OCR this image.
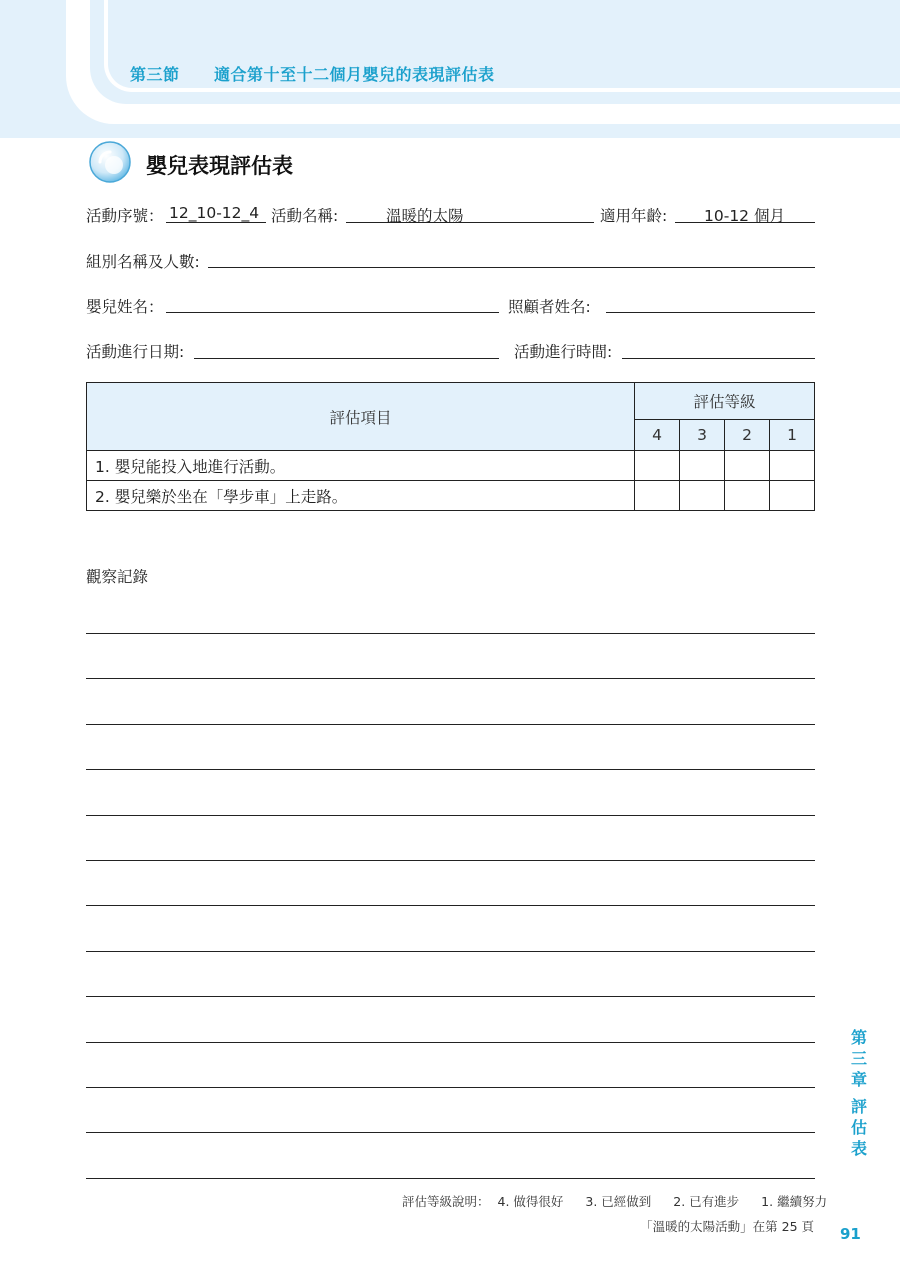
第三節 適合第十至十二個月嬰兒的表現評估表
嬰兒表現評估表
活動序號： 12_10-12_4 活動名稱:	溫暖的太陽	適用年齡: 10-12 個月
組別名稱及人數:
嬰兒姓名：	照顧者姓名:
活動進行日期:	活動進行時間:
評估項目	評估等級			
	4	3	2	1
1. 嬰兒能投入地進行活動。				
2. 嬰兒樂於坐在「學步車」上走路。				
觀察記錄
第
三
章
評
估
表
評估等級說明： 4. 做得很好 3. 已經做到 2. 已有進步 1. 繼續努力
「溫暖的太陽活動」在第 25 頁 91
